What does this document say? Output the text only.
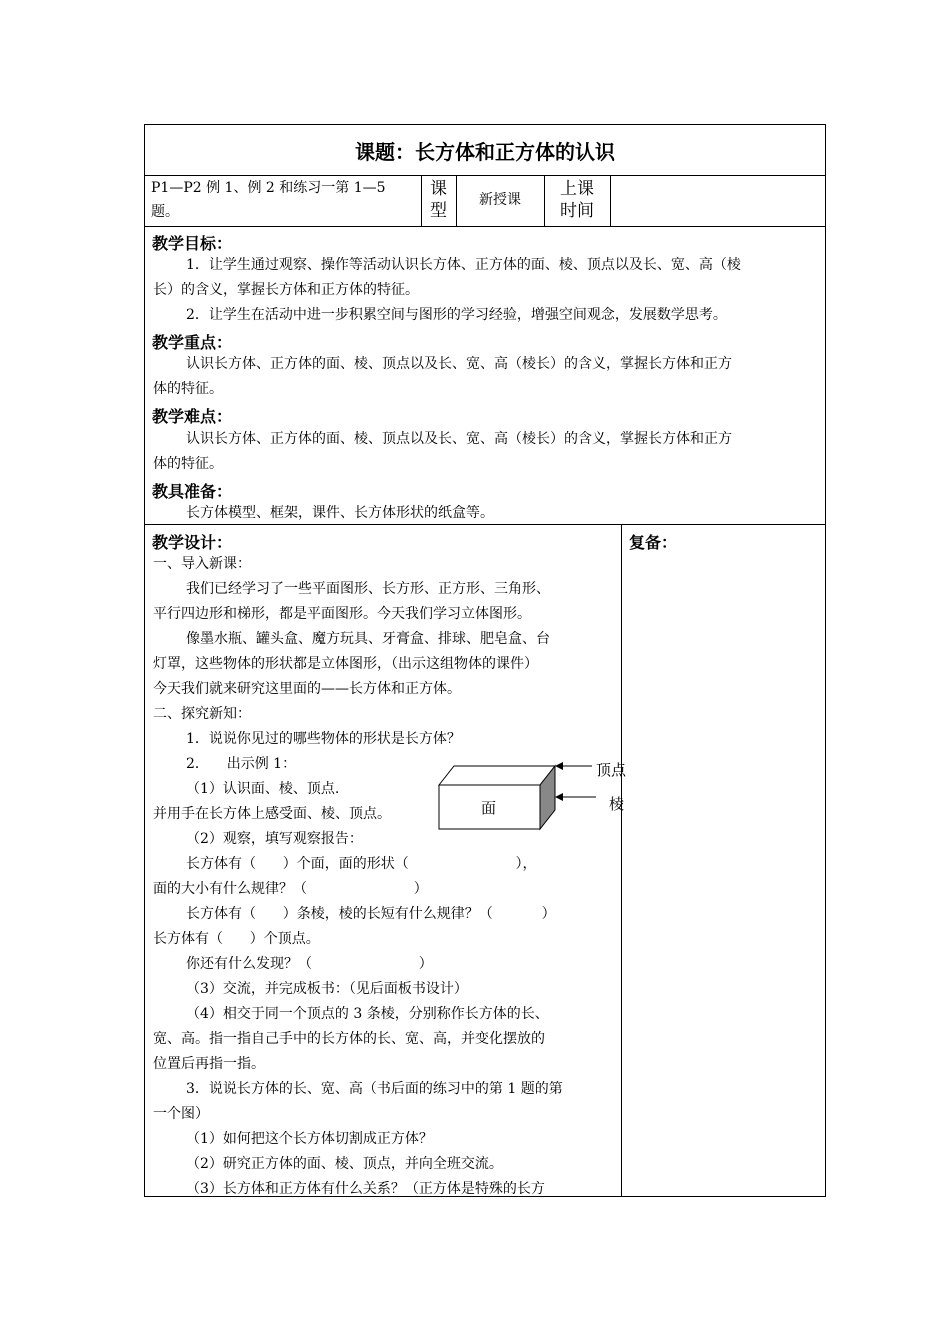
课题：长方体和正方体的认识
P1—P2 例 1、例 2 和练习一第 1—5
题。
课
型
新授课
上课
时间
教学目标：
1．让学生通过观察、操作等活动认识长方体、正方体的面、棱、顶点以及长、宽、高（棱
长）的含义，掌握长方体和正方体的特征。
2．让学生在活动中进一步积累空间与图形的学习经验，增强空间观念，发展数学思考。
教学重点：
认识长方体、正方体的面、棱、顶点以及长、宽、高（棱长）的含义，掌握长方体和正方
体的特征。
教学难点：
认识长方体、正方体的面、棱、顶点以及长、宽、高（棱长）的含义，掌握长方体和正方
体的特征。
教具准备：
长方体模型、框架，课件、长方体形状的纸盒等。
教学设计：	复备：
一、导入新课：
我们已经学习了一些平面图形、长方形、正方形、三角形、
平行四边形和梯形，都是平面图形。今天我们学习立体图形。
像墨水瓶、罐头盒、魔方玩具、牙膏盒、排球、肥皂盒、台
灯罩，这些物体的形状都是立体图形，（出示这组物体的课件）
今天我们就来研究这里面的——长方体和正方体。
二、探究新知：
1．说说你见过的哪些物体的形状是长方体？
2．    出示例 1：
（1）认识面、棱、顶点.
并用手在长方体上感受面、棱、顶点。
（2）观察，填写观察报告：
长方体有（      ）个面，面的形状（                        ），
面的大小有什么规律？（                        ）
长方体有（      ）条棱，棱的长短有什么规律？（           ）
长方体有（      ）个顶点。
你还有什么发现？（                        ）
（3）交流，并完成板书：（见后面板书设计）
（4）相交于同一个顶点的 3 条棱，分别称作长方体的长、
宽、高。指一指自己手中的长方体的长、宽、高，并变化摆放的
位置后再指一指。
3．说说长方体的长、宽、高（书后面的练习中的第 1 题的第
一个图）
（1）如何把这个长方体切割成正方体？
（2）研究正方体的面、棱、顶点，并向全班交流。
（3）长方体和正方体有什么关系？（正方体是特殊的长方
面
顶点
棱
